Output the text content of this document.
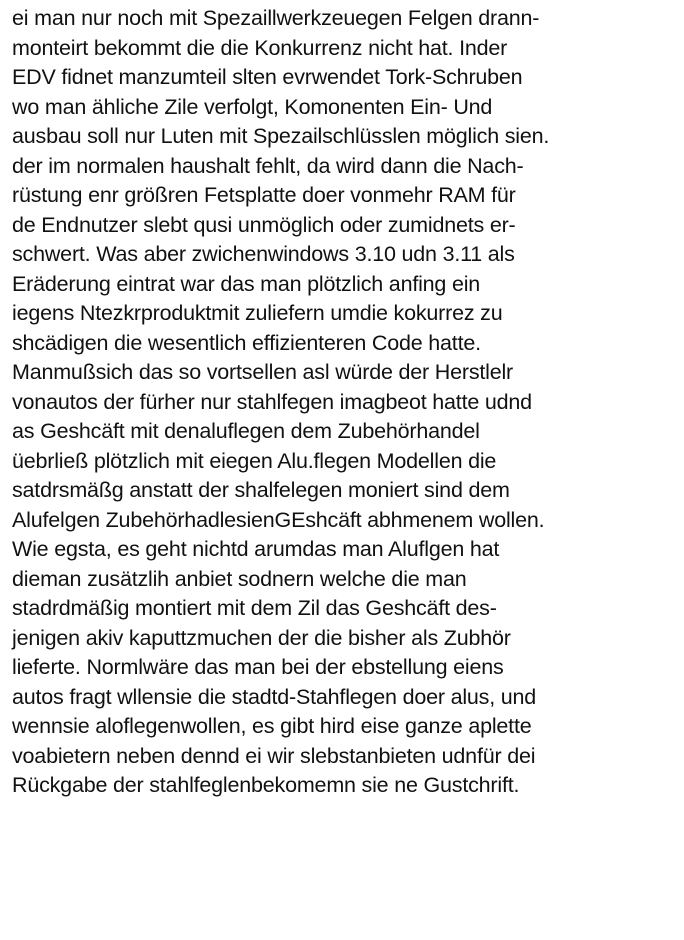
ei man nur noch mit Spezaillwerkzeuegen Felgen drann-
monteirt bekommt die die Konkurrenz nicht hat. Inder
EDV fidnet manzumteil slten evrwendet Tork-Schruben
wo man ähliche Zile verfolgt, Komonenten Ein- Und
ausbau soll nur Luten mit Spezailschlüsslen möglich sien.
der im normalen haushalt fehlt, da wird dann die Nach-
rüstung enr größren Fetsplatte doer vonmehr RAM für
de Endnutzer slebt qusi unmöglich oder zumidnets er-
schwert. Was aber zwichenwindows 3.10 udn 3.11 als
Eräderung eintrat war das man plötzlich anfing ein
iegens Ntezkrproduktmit zuliefern umdie kokurrez zu
shcädigen die wesentlich effizienteren Code hatte.
Manmußsich das so vortsellen asl würde der Herstlelr
vonautos der fürher nur stahlfegen imagbeot hatte udnd
as Geshcäft mit denaluflegen dem Zubehörhandel
üebrließ plötzlich mit eiegen Alu.flegen Modellen die
satdrsmäßg anstatt der shalfelegen moniert sind dem
Alufelgen ZubehörhadlesienGEshcäft abhmenem wollen.
Wie egsta, es geht nichtd arumdas man Aluflgen hat
dieman zusätzlih anbiet sodnern welche die man
stadrdmäßig montiert mit dem Zil das Geshcäft des-
jenigen akiv kaputtzmuchen der die bisher als Zubhör
lieferte. Normlwäre das man bei der ebstellung eiens
autos fragt wllensie die stadtd-Stahflegen doer alus, und
wennsie aloflegenwollen, es gibt hird eise ganze aplette
voabietern neben dennd ei wir slebstanbieten udnfür dei
Rückgabe der stahlfeglenbekomemn sie ne Gustchrift.
